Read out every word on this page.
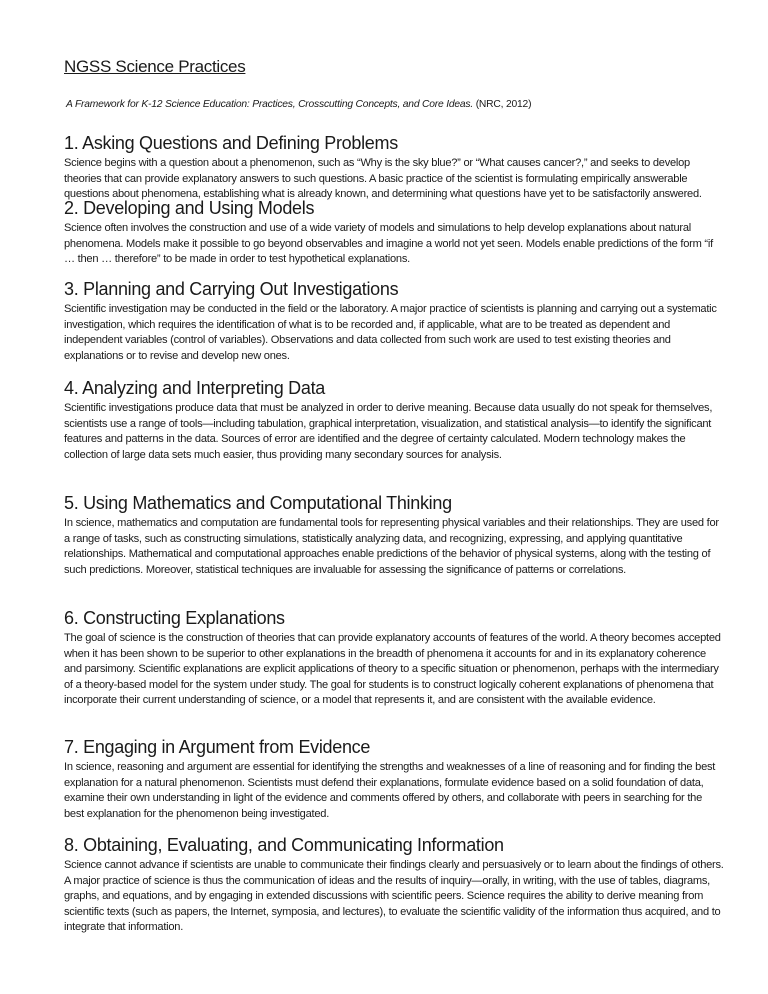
NGSS Science Practices

A Framework for K-12 Science Education: Practices, Crosscutting Concepts, and Core Ideas. (NRC, 2012)

1. Asking Questions and Defining Problems

Science begins with a question about a phenomenon, such as “Why is the sky blue?” or “What causes cancer?,” and seeks to develop theories that can provide explanatory answers to such questions. A basic practice of the scientist is formulating empirically answerable questions about phenomena, establishing what is already known, and determining what questions have yet to be satisfactorily answered.

2. Developing and Using Models

Science often involves the construction and use of a wide variety of models and simulations to help develop explanations about natural phenomena. Models make it possible to go beyond observables and imagine a world not yet seen. Models enable predictions of the form “if … then … therefore” to be made in order to test hypothetical explanations.

3. Planning and Carrying Out Investigations

Scientific investigation may be conducted in the field or the laboratory. A major practice of scientists is planning and carrying out a systematic investigation, which requires the identification of what is to be recorded and, if applicable, what are to be treated as dependent and independent variables (control of variables). Observations and data collected from such work are used to test existing theories and explanations or to revise and develop new ones.

4. Analyzing and Interpreting Data

Scientific investigations produce data that must be analyzed in order to derive meaning. Because data usually do not speak for themselves, scientists use a range of tools—including tabulation, graphical interpretation, visualization, and statistical analysis—to identify the significant features and patterns in the data. Sources of error are identified and the degree of certainty calculated. Modern technology makes the collection of large data sets much easier, thus providing many secondary sources for analysis.

5. Using Mathematics and Computational Thinking

In science, mathematics and computation are fundamental tools for representing physical variables and their relationships. They are used for a range of tasks, such as constructing simulations, statistically analyzing data, and recognizing, expressing, and applying quantitative relationships. Mathematical and computational approaches enable predictions of the behavior of physical systems, along with the testing of such predictions. Moreover, statistical techniques are invaluable for assessing the significance of patterns or correlations.

6. Constructing Explanations

The goal of science is the construction of theories that can provide explanatory accounts of features of the world. A theory becomes accepted when it has been shown to be superior to other explanations in the breadth of phenomena it accounts for and in its explanatory coherence and parsimony. Scientific explanations are explicit applications of theory to a specific situation or phenomenon, perhaps with the intermediary of a theory-based model for the system under study. The goal for students is to construct logically coherent explanations of phenomena that incorporate their current understanding of science, or a model that represents it, and are consistent with the available evidence.

7. Engaging in Argument from Evidence

In science, reasoning and argument are essential for identifying the strengths and weaknesses of a line of reasoning and for finding the best explanation for a natural phenomenon. Scientists must defend their explanations, formulate evidence based on a solid foundation of data, examine their own understanding in light of the evidence and comments offered by others, and collaborate with peers in searching for the best explanation for the phenomenon being investigated.

8. Obtaining, Evaluating, and Communicating Information

Science cannot advance if scientists are unable to communicate their findings clearly and persuasively or to learn about the findings of others. A major practice of science is thus the communication of ideas and the results of inquiry—orally, in writing, with the use of tables, diagrams, graphs, and equations, and by engaging in extended discussions with scientific peers. Science requires the ability to derive meaning from scientific texts (such as papers, the Internet, symposia, and lectures), to evaluate the scientific validity of the information thus acquired, and to integrate that information.
